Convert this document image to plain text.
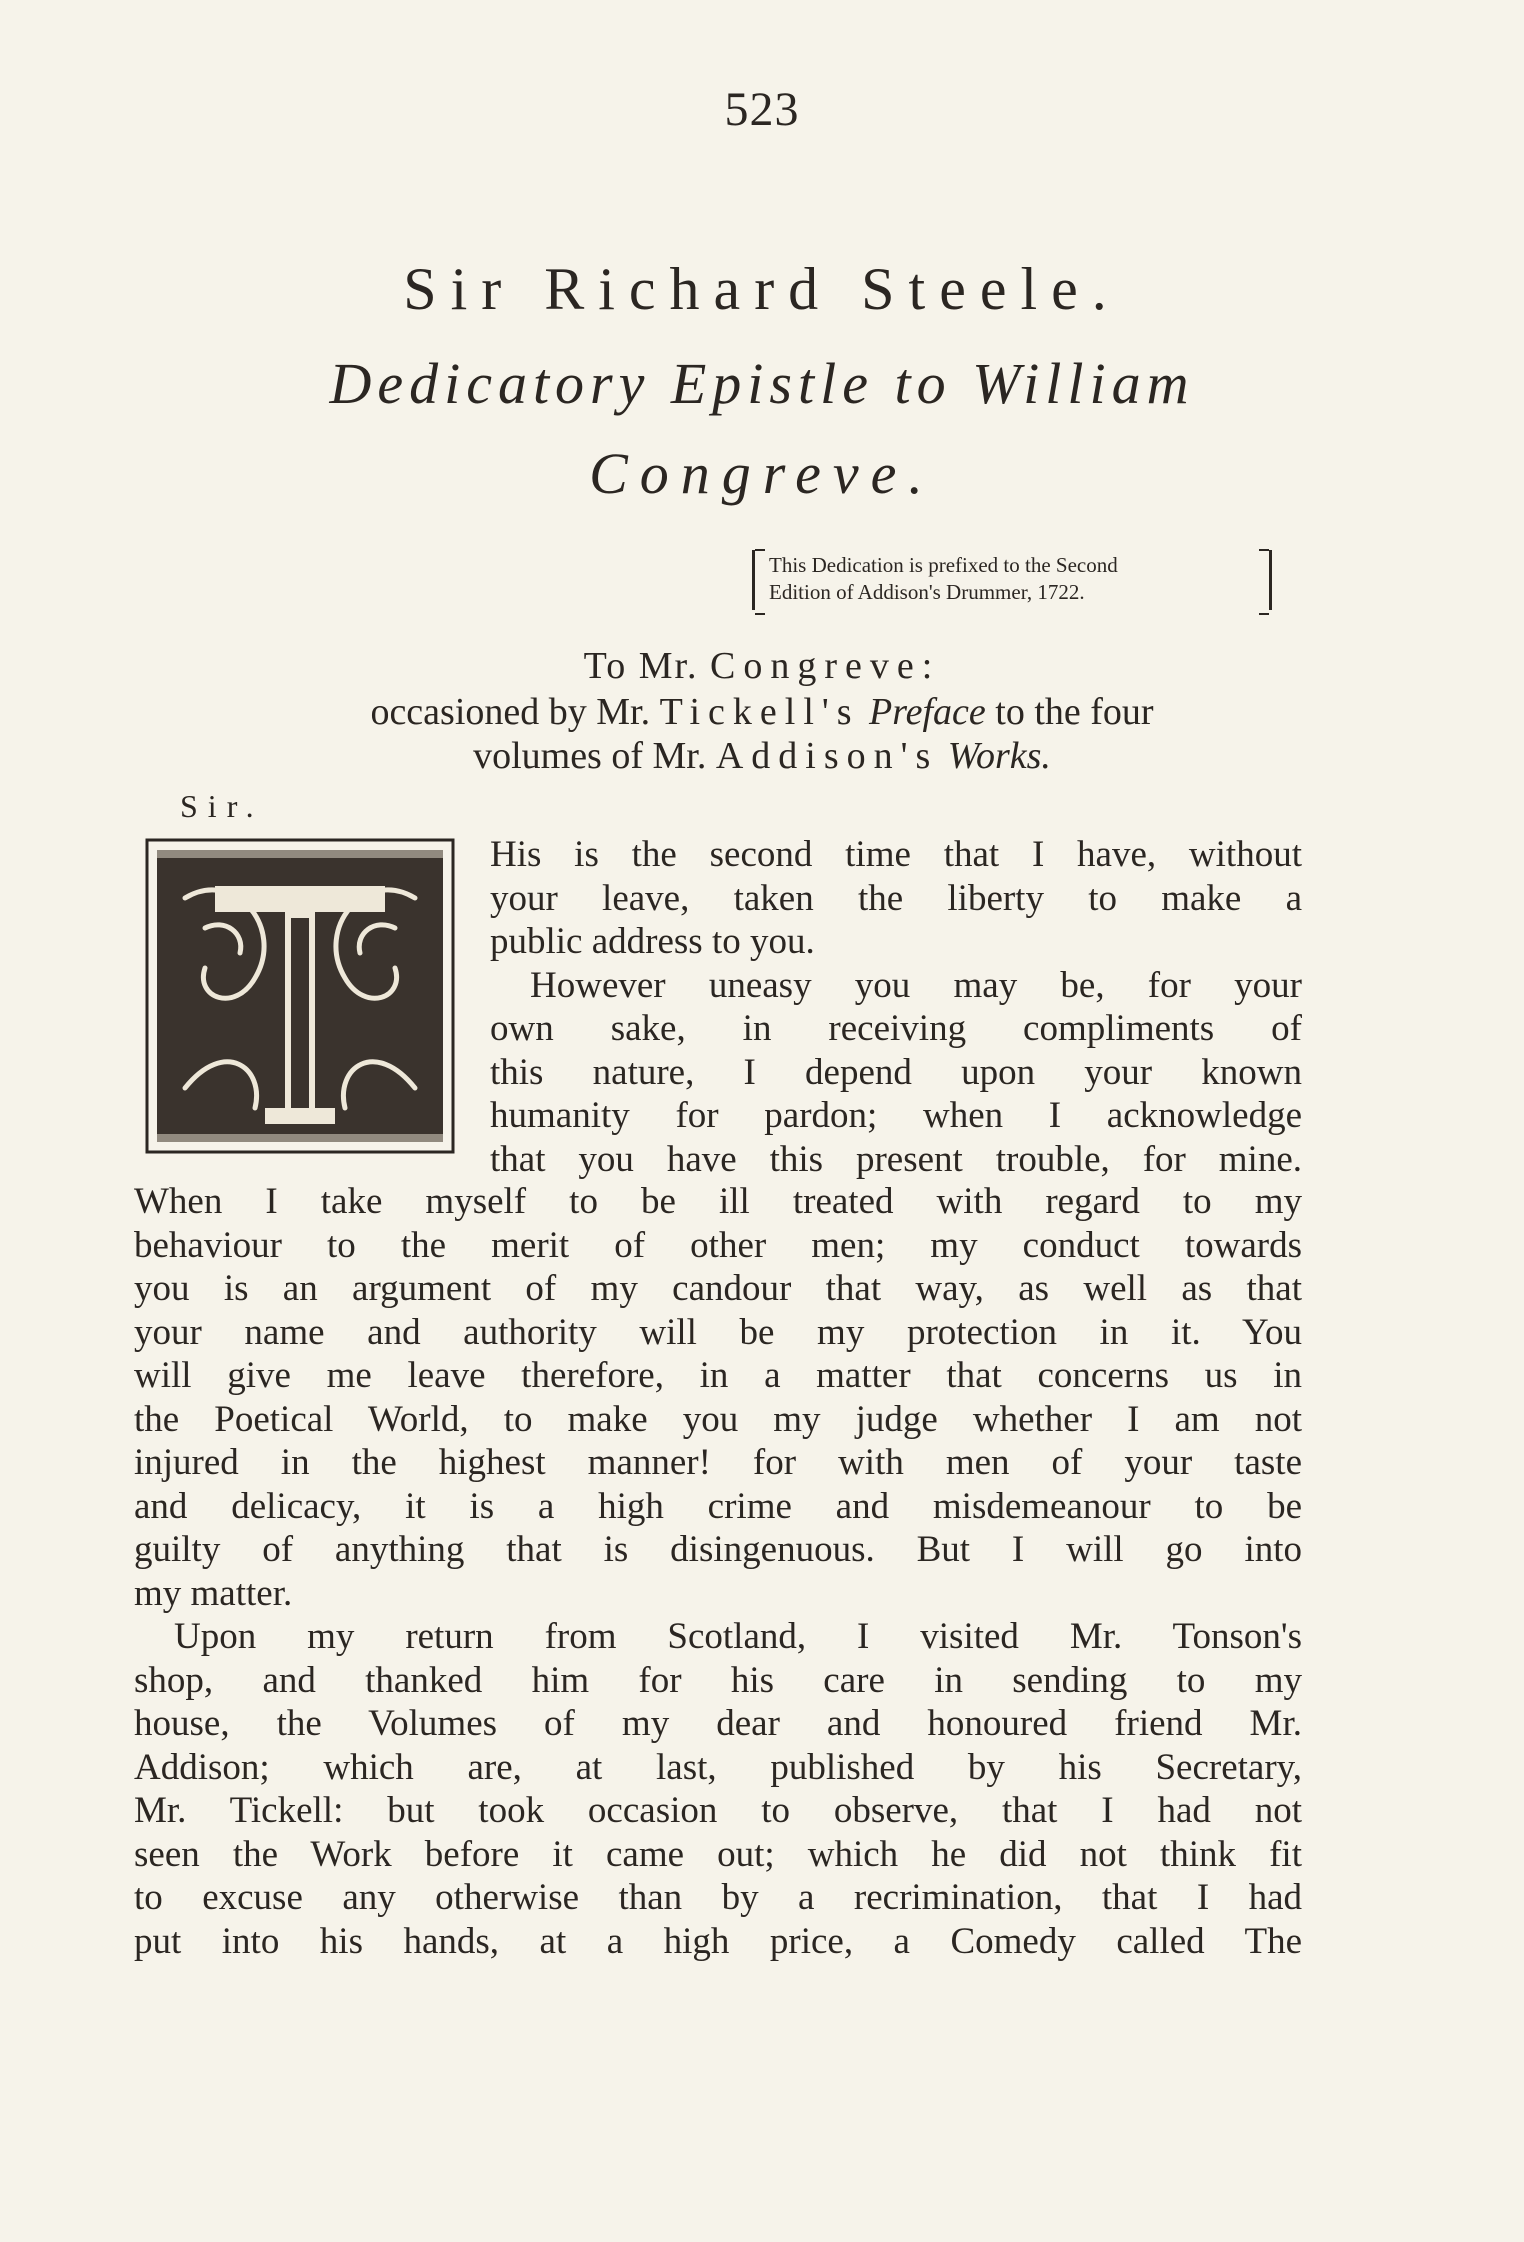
523
Sir Richard Steele.
Dedicatory Epistle to William
Congreve.
This Dedication is prefixed to the Second
Edition of Addison's Drummer, 1722.
To Mr. Congreve:
occasioned by Mr. Tickell's Preface to the four
volumes of Mr. Addison's Works.
Sir.
His is the second time that I have, without
your leave, taken the liberty to make a
public address to you.
However uneasy you may be, for your
own sake, in receiving compliments of
this nature, I depend upon your known
humanity for pardon; when I acknowledge
that you have this present trouble, for mine.
When I take myself to be ill treated with regard to my
behaviour to the merit of other men; my conduct towards
you is an argument of my candour that way, as well as that
your name and authority will be my protection in it. You
will give me leave therefore, in a matter that concerns us in
the Poetical World, to make you my judge whether I am not
injured in the highest manner! for with men of your taste
and delicacy, it is a high crime and misdemeanour to be
guilty of anything that is disingenuous. But I will go into
my matter.
Upon my return from Scotland, I visited Mr. Tonson's
shop, and thanked him for his care in sending to my
house, the Volumes of my dear and honoured friend Mr.
Addison; which are, at last, published by his Secretary,
Mr. Tickell: but took occasion to observe, that I had not
seen the Work before it came out; which he did not think fit
to excuse any otherwise than by a recrimination, that I had
put into his hands, at a high price, a Comedy called The
